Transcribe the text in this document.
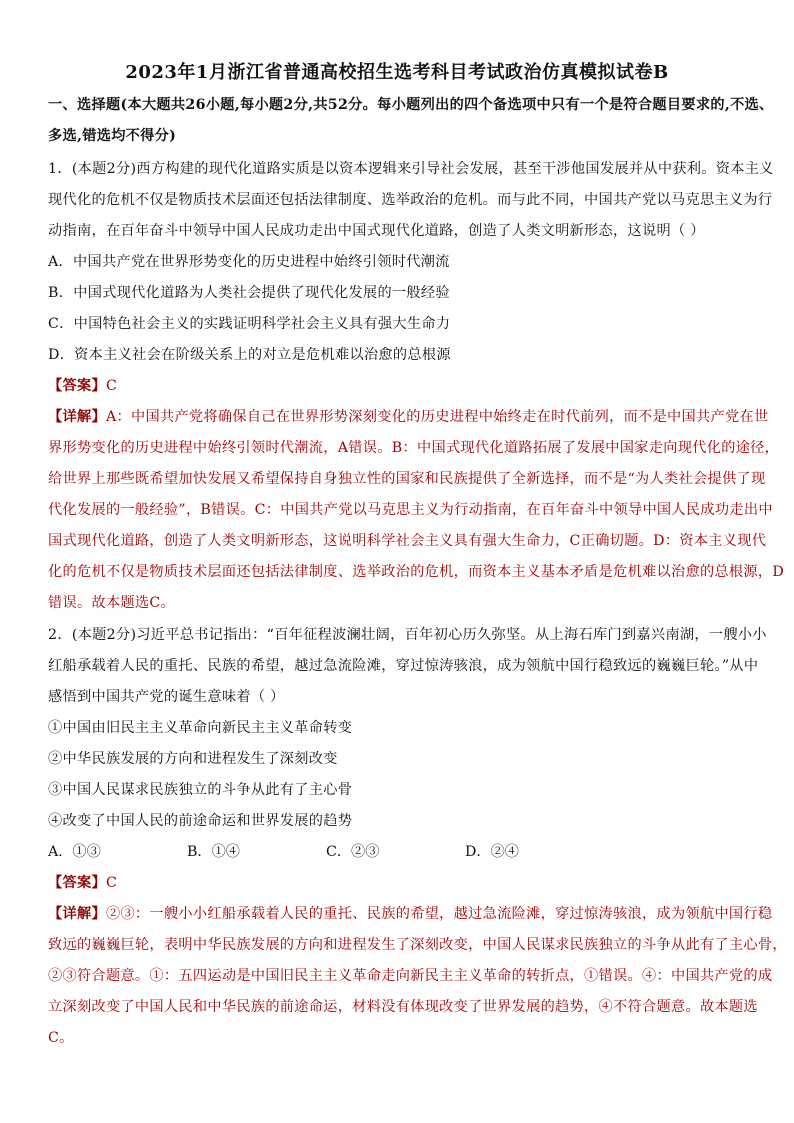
2023年1月浙江省普通高校招生选考科目考试政治仿真模拟试卷B
一、选择题(本大题共26小题,每小题2分,共52分。每小题列出的四个备选项中只有一个是符合题目要求的,不选、
多选,错选均不得分)
1．(本题2分)西方构建的现代化道路实质是以资本逻辑来引导社会发展，甚至干涉他国发展并从中获利。资本主义
现代化的危机不仅是物质技术层面还包括法律制度、选举政治的危机。而与此不同，中国共产党以马克思主义为行
动指南，在百年奋斗中领导中国人民成功走出中国式现代化道路，创造了人类文明新形态，这说明（ ）
A．中国共产党在世界形势变化的历史进程中始终引领时代潮流
B．中国式现代化道路为人类社会提供了现代化发展的一般经验
C．中国特色社会主义的实践证明科学社会主义具有强大生命力
D．资本主义社会在阶级关系上的对立是危机难以治愈的总根源
【答案】C
【详解】A：中国共产党将确保自己在世界形势深刻变化的历史进程中始终走在时代前列，而不是中国共产党在世
界形势变化的历史进程中始终引领时代潮流，A错误。B：中国式现代化道路拓展了发展中国家走向现代化的途径，
给世界上那些既希望加快发展又希望保持自身独立性的国家和民族提供了全新选择，而不是“为人类社会提供了现
代化发展的一般经验”，B错误。C：中国共产党以马克思主义为行动指南，在百年奋斗中领导中国人民成功走出中
国式现代化道路，创造了人类文明新形态，这说明科学社会主义具有强大生命力，C正确切题。D：资本主义现代
化的危机不仅是物质技术层面还包括法律制度、选举政治的危机，而资本主义基本矛盾是危机难以治愈的总根源，D
错误。故本题选C。
2．(本题2分)习近平总书记指出：“百年征程波澜壮阔，百年初心历久弥坚。从上海石库门到嘉兴南湖，一艘小小
红船承载着人民的重托、民族的希望，越过急流险滩，穿过惊涛骇浪，成为领航中国行稳致远的巍巍巨轮。”从中
感悟到中国共产党的诞生意味着（ ）
①中国由旧民主主义革命向新民主主义革命转变
②中华民族发展的方向和进程发生了深刻改变
③中国人民谋求民族独立的斗争从此有了主心骨
④改变了中国人民的前途命运和世界发展的趋势
A．①③	B．①④	C．②③	D．②④
【答案】C
【详解】②③：一艘小小红船承载着人民的重托、民族的希望，越过急流险滩，穿过惊涛骇浪，成为领航中国行稳
致远的巍巍巨轮，表明中华民族发展的方向和进程发生了深刻改变，中国人民谋求民族独立的斗争从此有了主心骨，
②③符合题意。①：五四运动是中国旧民主主义革命走向新民主主义革命的转折点，①错误。④：中国共产党的成
立深刻改变了中国人民和中华民族的前途命运，材料没有体现改变了世界发展的趋势，④不符合题意。故本题选
C。
